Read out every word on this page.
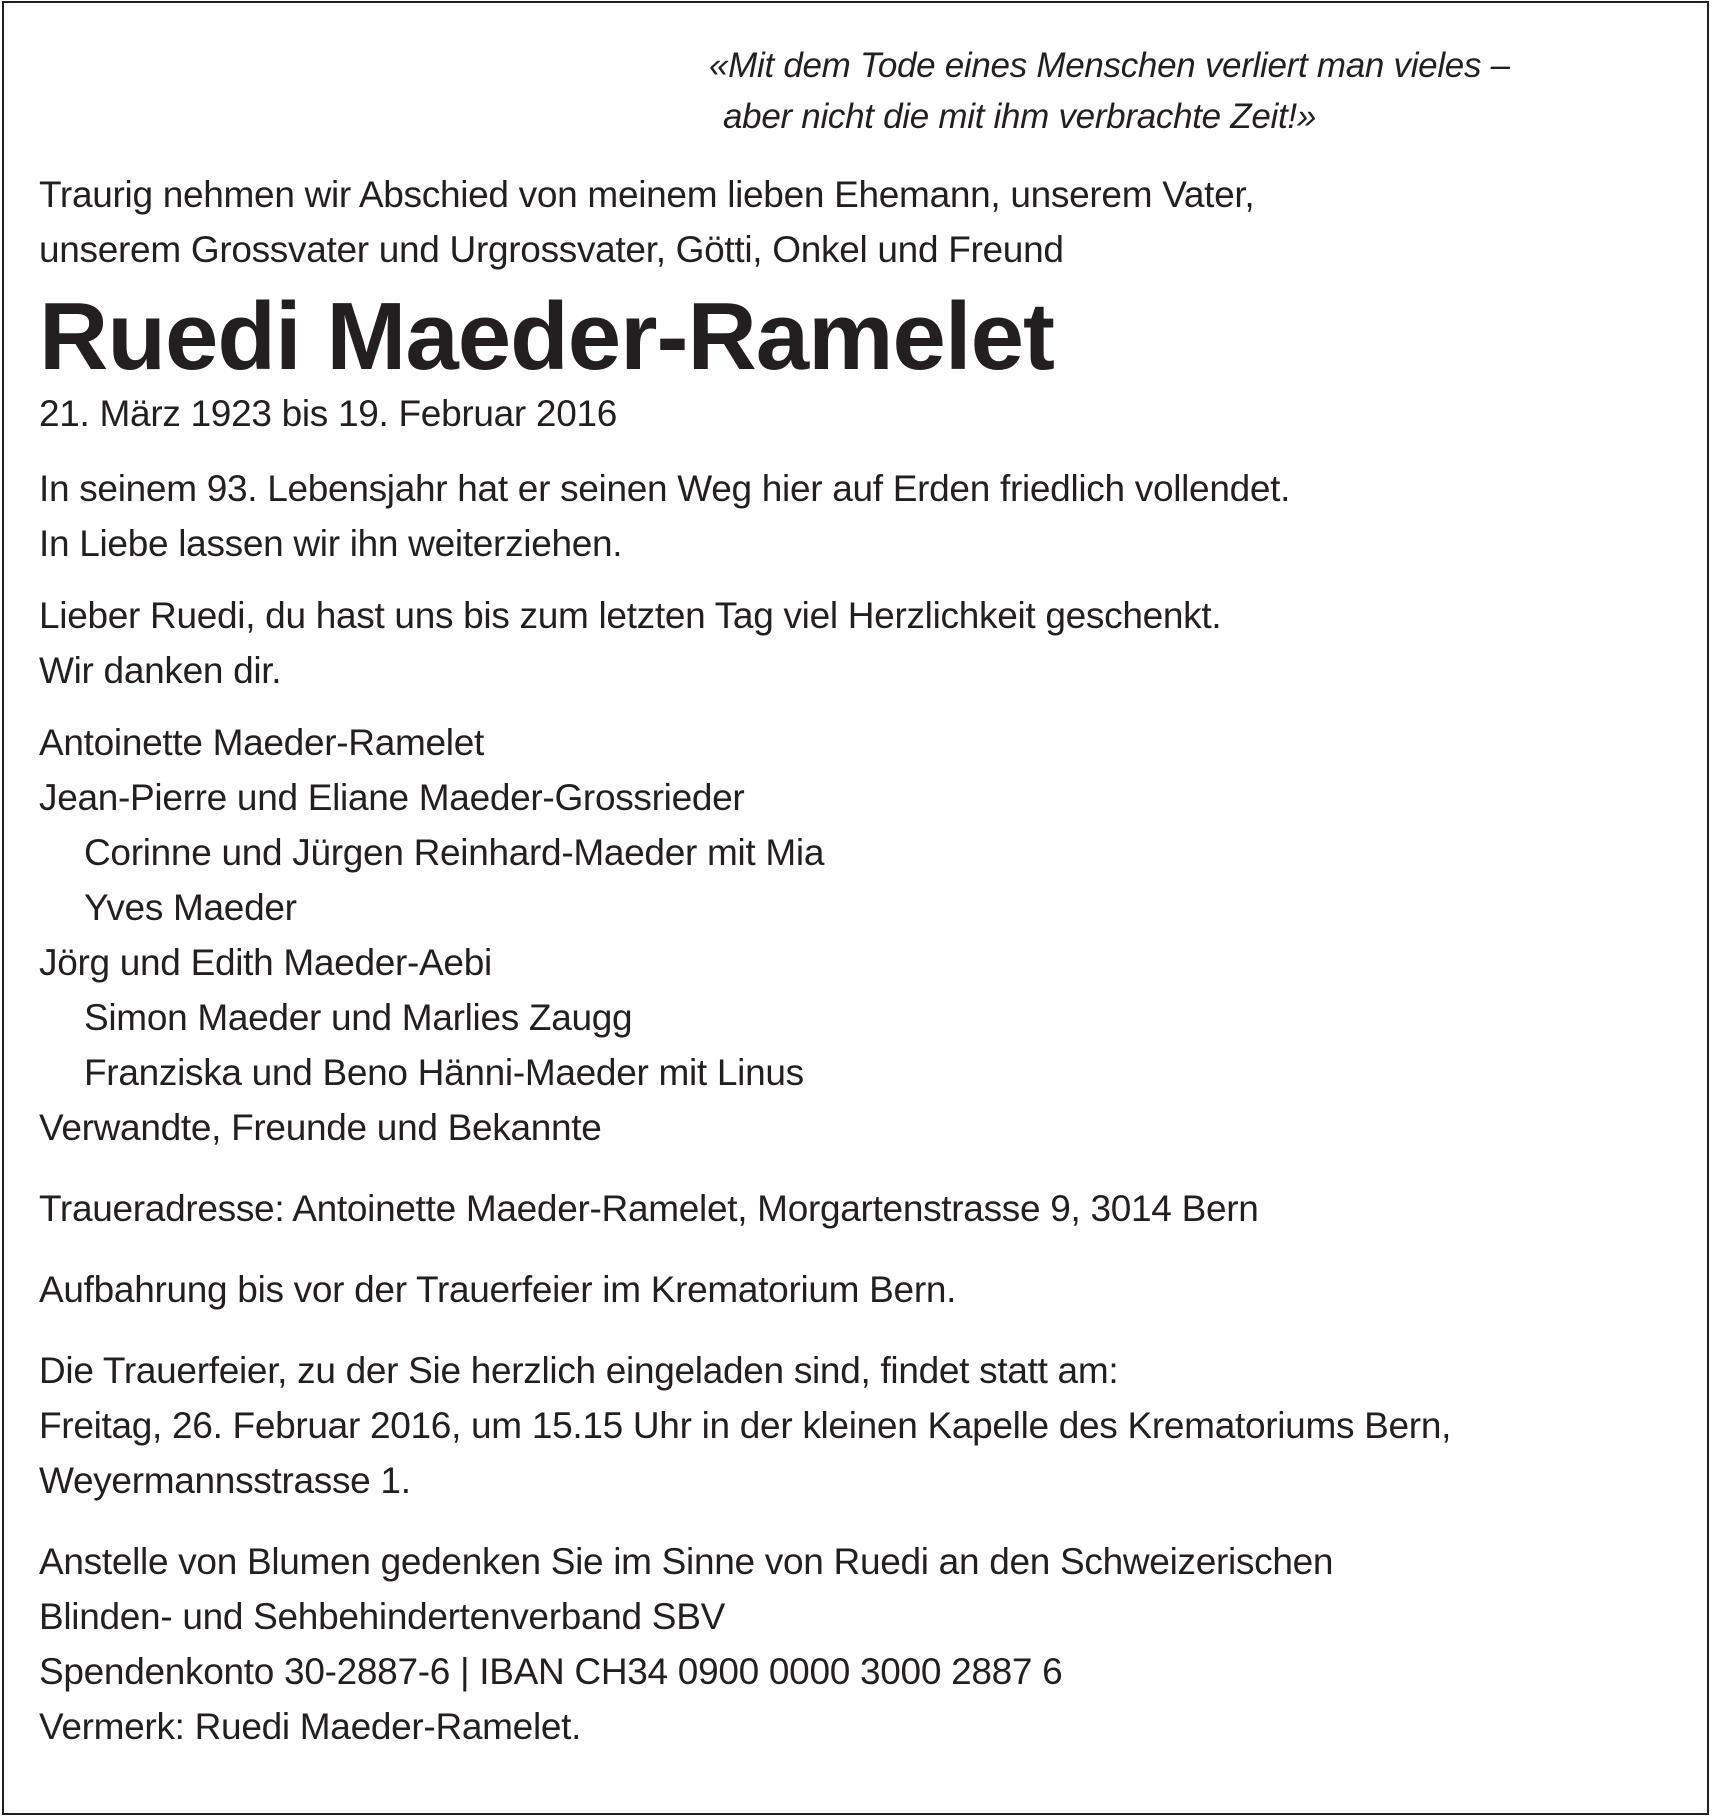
«Mit dem Tode eines Menschen verliert man vieles –
aber nicht die mit ihm verbrachte Zeit!»
Traurig nehmen wir Abschied von meinem lieben Ehemann, unserem Vater,
unserem Grossvater und Urgrossvater, Götti, Onkel und Freund
Ruedi Maeder-Ramelet
21. März 1923 bis 19. Februar 2016
In seinem 93. Lebensjahr hat er seinen Weg hier auf Erden friedlich vollendet.
In Liebe lassen wir ihn weiterziehen.
Lieber Ruedi, du hast uns bis zum letzten Tag viel Herzlichkeit geschenkt.
Wir danken dir.
Antoinette Maeder-Ramelet
Jean-Pierre und Eliane Maeder-Grossrieder
Corinne und Jürgen Reinhard-Maeder mit Mia
Yves Maeder
Jörg und Edith Maeder-Aebi
Simon Maeder und Marlies Zaugg
Franziska und Beno Hänni-Maeder mit Linus
Verwandte, Freunde und Bekannte
Traueradresse: Antoinette Maeder-Ramelet, Morgartenstrasse 9, 3014 Bern
Aufbahrung bis vor der Trauerfeier im Krematorium Bern.
Die Trauerfeier, zu der Sie herzlich eingeladen sind, findet statt am:
Freitag, 26. Februar 2016, um 15.15 Uhr in der kleinen Kapelle des Krematoriums Bern,
Weyermannsstrasse 1.
Anstelle von Blumen gedenken Sie im Sinne von Ruedi an den Schweizerischen
Blinden- und Sehbehindertenverband SBV
Spendenkonto 30-2887-6 | IBAN CH34 0900 0000 3000 2887 6
Vermerk: Ruedi Maeder-Ramelet.
